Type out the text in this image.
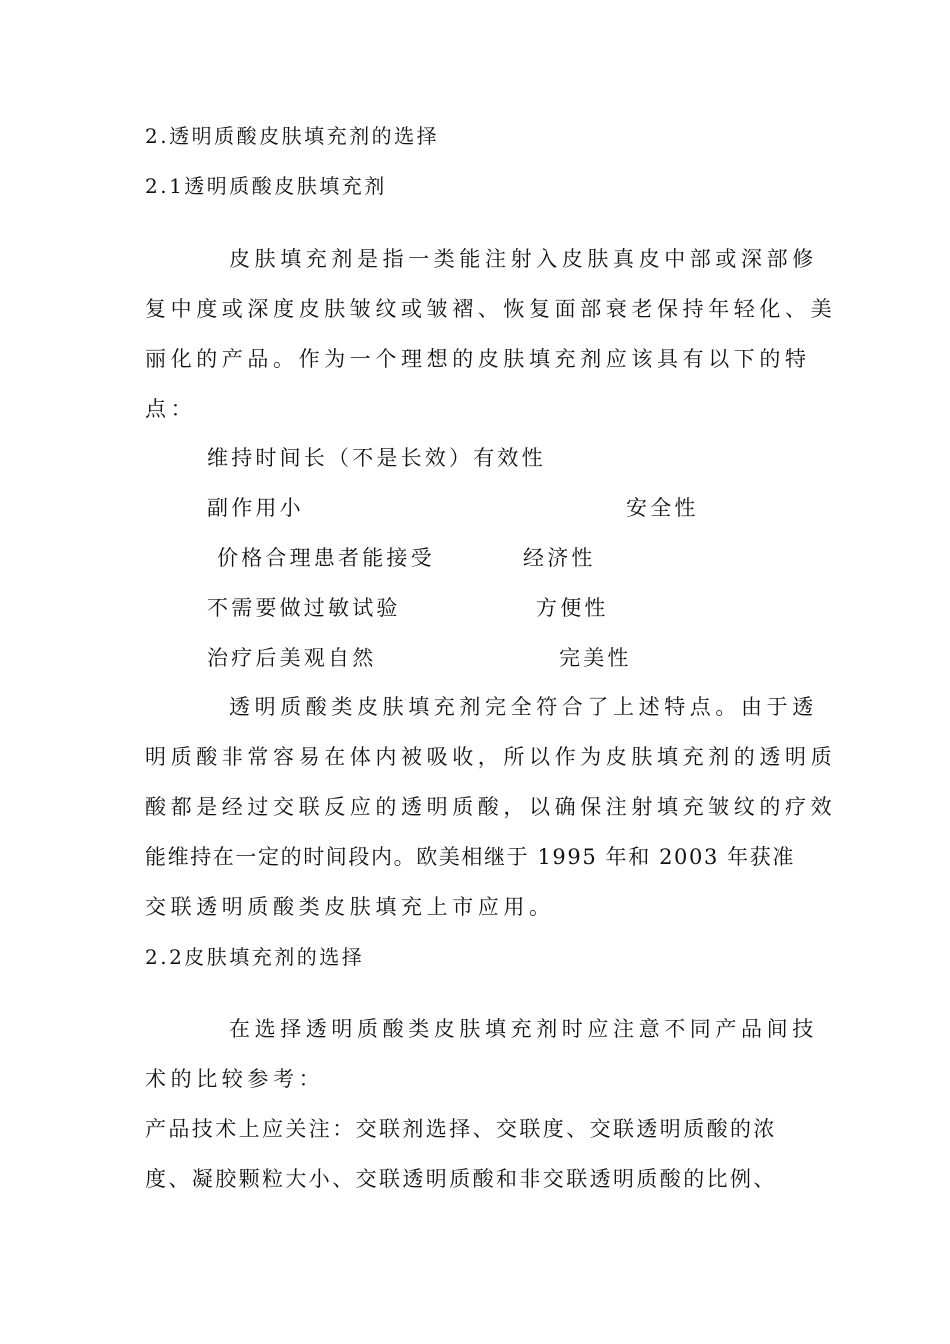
2.透明质酸皮肤填充剂的选择
2.1透明质酸皮肤填充剂
皮肤填充剂是指一类能注射入皮肤真皮中部或深部修
复中度或深度皮肤皱纹或皱褶、恢复面部衰老保持年轻化、美
丽化的产品。作为一个理想的皮肤填充剂应该具有以下的特
点：
维持时间长（不是长效）有效性
副作用小	安全性
价格合理患者能接受	经济性
不需要做过敏试验	方便性
治疗后美观自然	完美性
透明质酸类皮肤填充剂完全符合了上述特点。由于透
明质酸非常容易在体内被吸收，所以作为皮肤填充剂的透明质
酸都是经过交联反应的透明质酸，以确保注射填充皱纹的疗效
能维持在一定的时间段内。欧美相继于 1995 年和 2003 年获准
交联透明质酸类皮肤填充上市应用。
2.2皮肤填充剂的选择
在选择透明质酸类皮肤填充剂时应注意不同产品间技
术的比较参考：
产品技术上应关注：交联剂选择、交联度、交联透明质酸的浓
度、凝胶颗粒大小、交联透明质酸和非交联透明质酸的比例、
